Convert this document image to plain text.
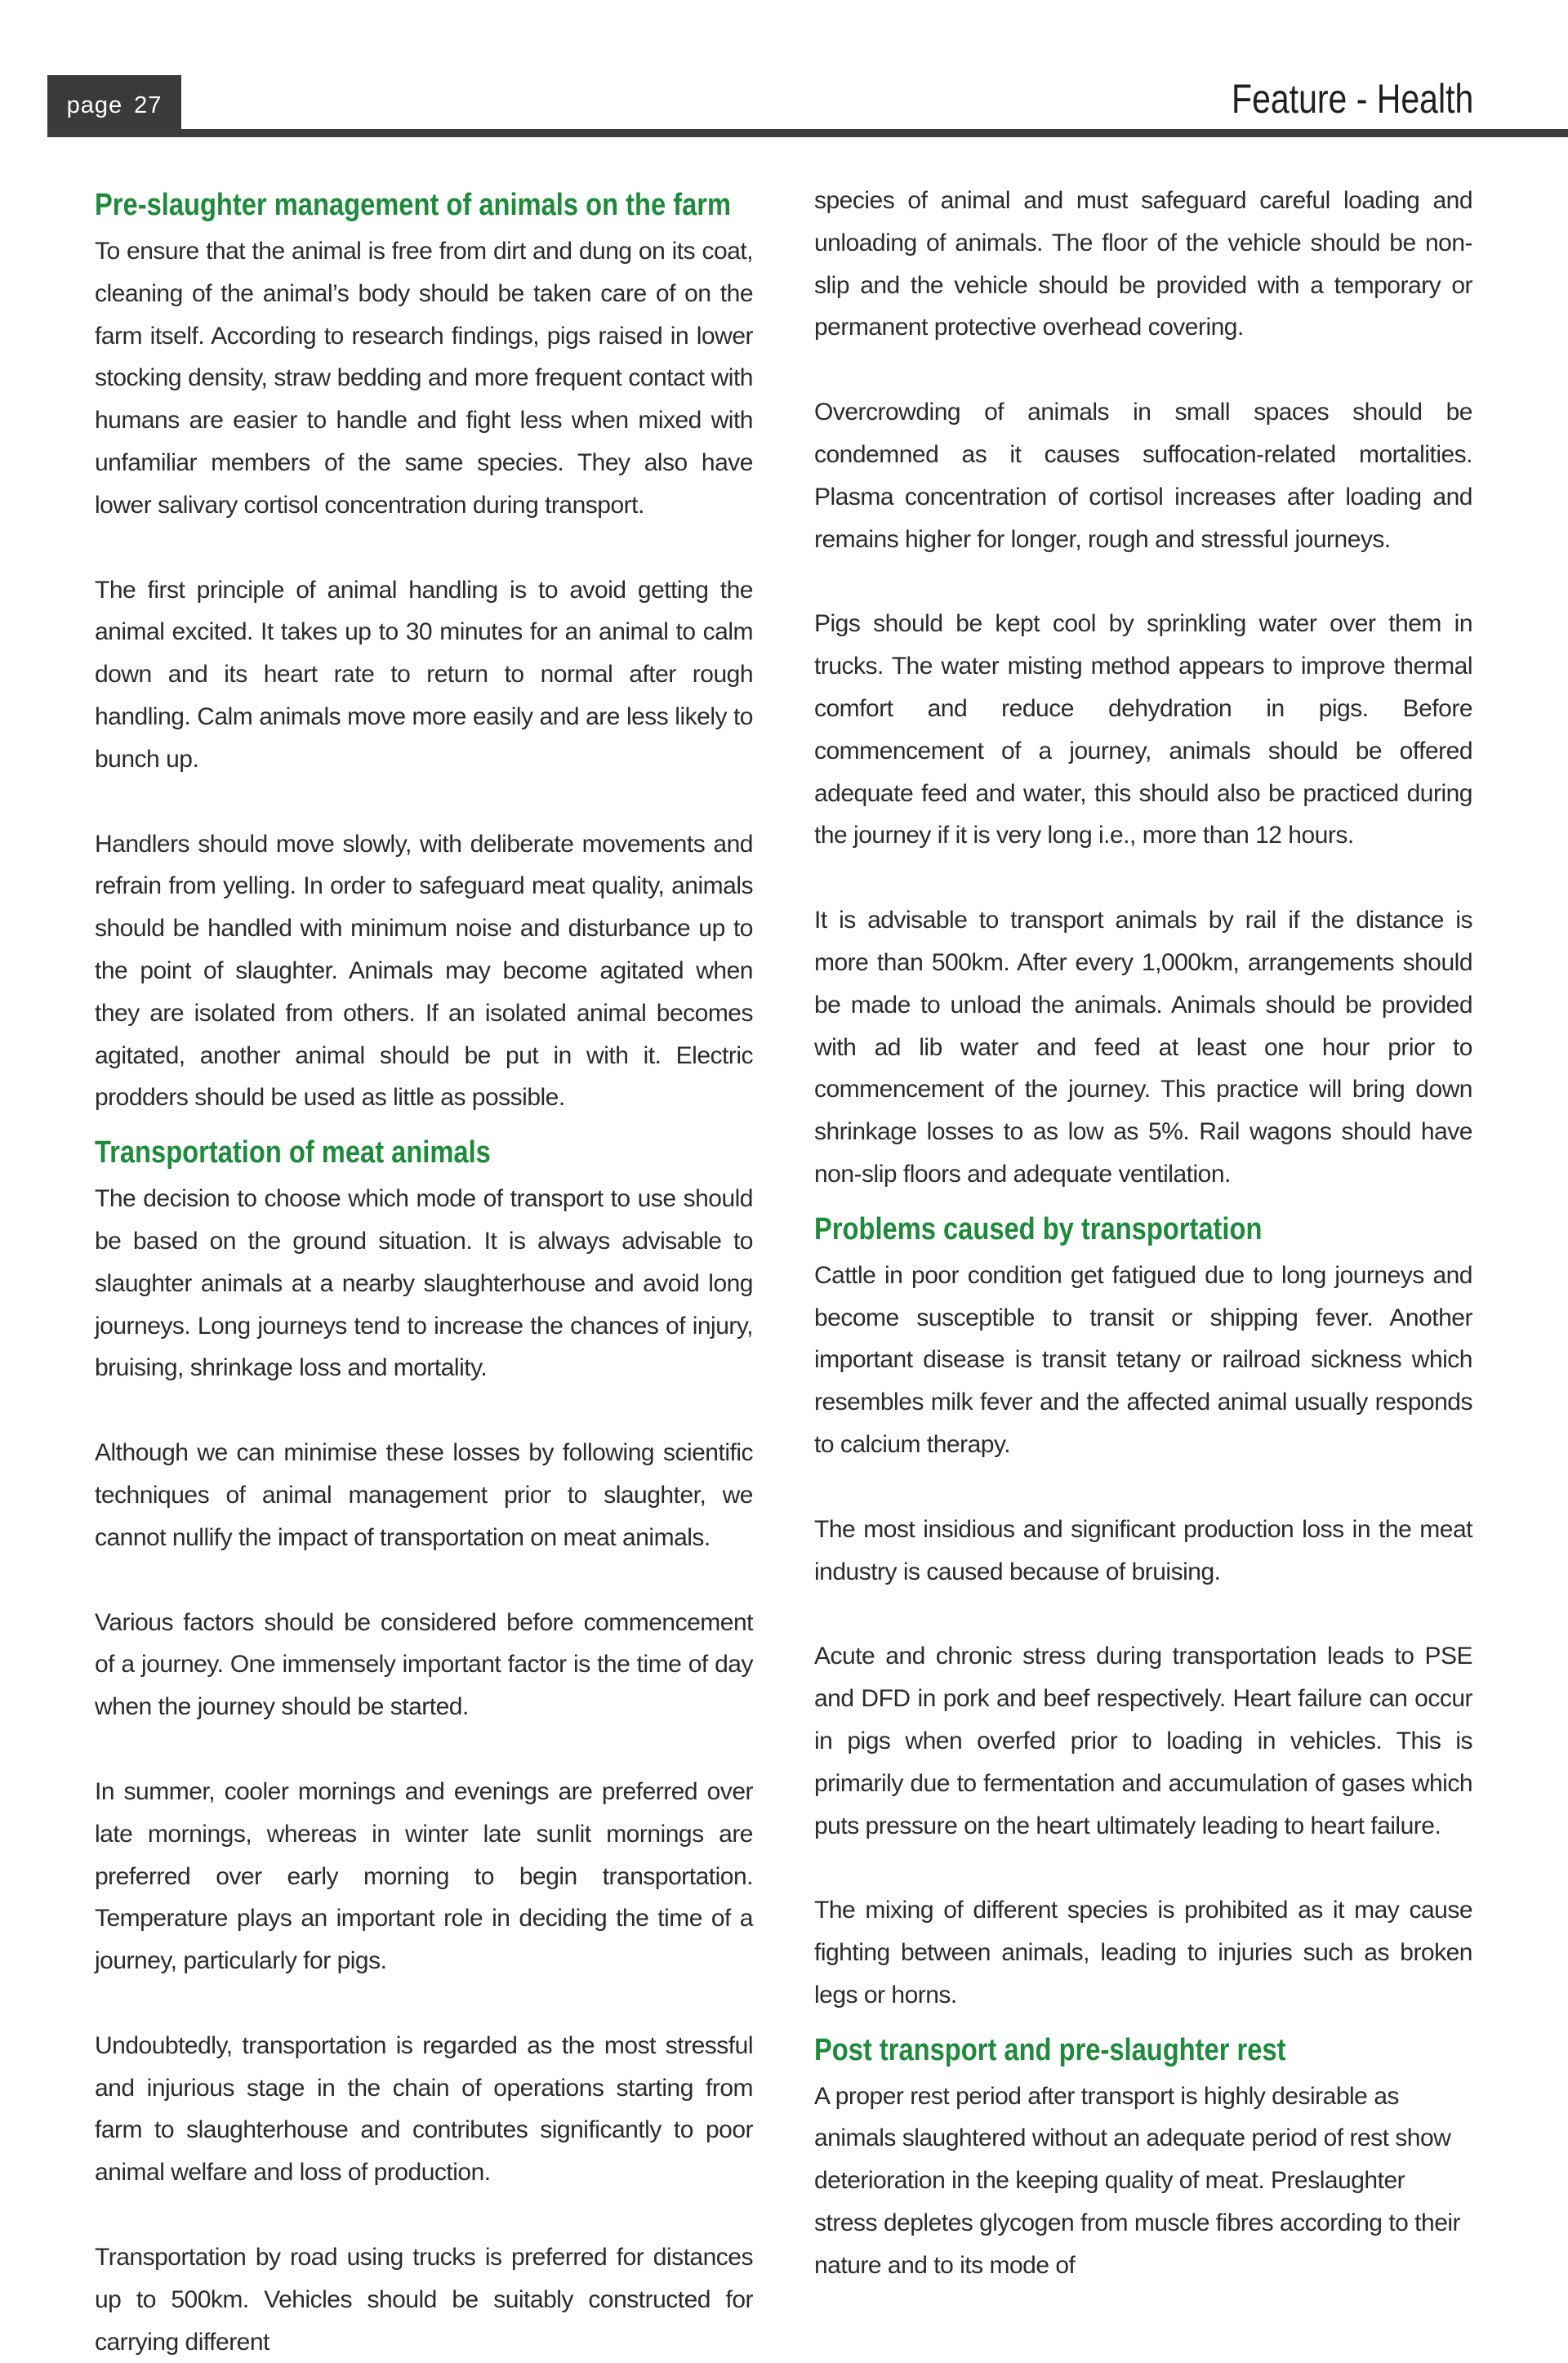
page 27	Feature - Health
Pre-slaughter management of animals on the farm

To ensure that the animal is free from dirt and dung on its coat, cleaning of the animal’s body should be taken care of on the farm itself. According to research findings, pigs raised in lower stocking density, straw bedding and more frequent contact with humans are easier to handle and fight less when mixed with unfamiliar members of the same species. They also have lower salivary cortisol concentration during transport.

The first principle of animal handling is to avoid getting the animal excited. It takes up to 30 minutes for an animal to calm down and its heart rate to return to normal after rough handling. Calm animals move more easily and are less likely to bunch up.

Handlers should move slowly, with deliberate movements and refrain from yelling. In order to safeguard meat quality, animals should be handled with minimum noise and disturbance up to the point of slaughter. Animals may become agitated when they are isolated from others. If an isolated animal becomes agitated, another animal should be put in with it. Electric prodders should be used as little as possible.

Transportation of meat animals

The decision to choose which mode of transport to use should be based on the ground situation. It is always advisable to slaughter animals at a nearby slaughterhouse and avoid long journeys. Long journeys tend to increase the chances of injury, bruising, shrinkage loss and mortality.

Although we can minimise these losses by following scientific techniques of animal management prior to slaughter, we cannot nullify the impact of transportation on meat animals.

Various factors should be considered before commencement of a journey. One immensely important factor is the time of day when the journey should be started.

In summer, cooler mornings and evenings are preferred over late mornings, whereas in winter late sunlit mornings are preferred over early morning to begin transportation. Temperature plays an important role in deciding the time of a journey, particularly for pigs.

Undoubtedly, transportation is regarded as the most stressful and injurious stage in the chain of operations starting from farm to slaughterhouse and contributes significantly to poor animal welfare and loss of production.

Transportation by road using trucks is preferred for distances up to 500km. Vehicles should be suitably constructed for carrying different

species of animal and must safeguard careful loading and unloading of animals. The floor of the vehicle should be non-slip and the vehicle should be provided with a temporary or permanent protective overhead covering.

Overcrowding of animals in small spaces should be condemned as it causes suffocation-related mortalities. Plasma concentration of cortisol increases after loading and remains higher for longer, rough and stressful journeys.

Pigs should be kept cool by sprinkling water over them in trucks. The water misting method appears to improve thermal comfort and reduce dehydration in pigs. Before commencement of a journey, animals should be offered adequate feed and water, this should also be practiced during the journey if it is very long i.e., more than 12 hours.

It is advisable to transport animals by rail if the distance is more than 500km. After every 1,000km, arrangements should be made to unload the animals. Animals should be provided with ad lib water and feed at least one hour prior to commencement of the journey. This practice will bring down shrinkage losses to as low as 5%. Rail wagons should have non-slip floors and adequate ventilation.

Problems caused by transportation

Cattle in poor condition get fatigued due to long journeys and become susceptible to transit or shipping fever. Another important disease is transit tetany or railroad sickness which resembles milk fever and the affected animal usually responds to calcium therapy.

The most insidious and significant production loss in the meat industry is caused because of bruising.

Acute and chronic stress during transportation leads to PSE and DFD in pork and beef respectively. Heart failure can occur in pigs when overfed prior to loading in vehicles. This is primarily due to fermentation and accumulation of gases which puts pressure on the heart ultimately leading to heart failure.

The mixing of different species is prohibited as it may cause fighting between animals, leading to injuries such as broken legs or horns.

Post transport and pre-slaughter rest

A proper rest period after transport is highly desirable as animals slaughtered without an adequate period of rest show deterioration in the keeping quality of meat. Preslaughter stress depletes glycogen from muscle fibres according to their nature and to its mode of
